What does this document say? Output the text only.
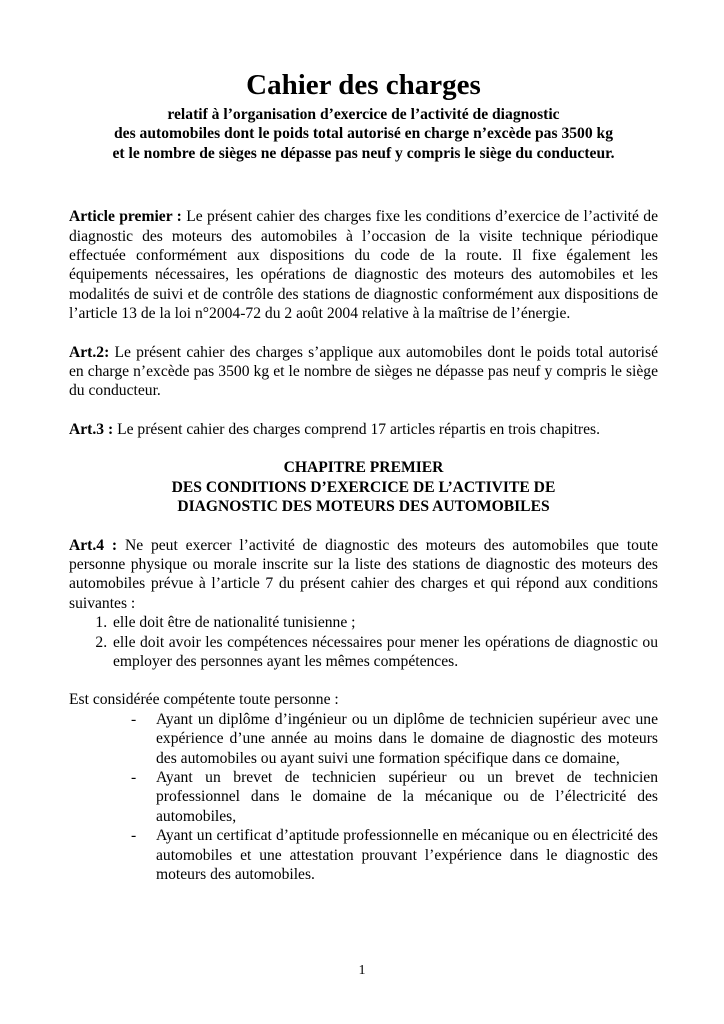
Cahier des charges
relatif à l’organisation d’exercice de l’activité de diagnostic
des automobiles dont le poids total autorisé en charge n’excède pas 3500 kg
et le nombre de sièges ne dépasse pas neuf y compris le siège du conducteur.

Article premier : Le présent cahier des charges fixe les conditions d’exercice de l’activité de diagnostic des moteurs des automobiles à l’occasion de la visite technique périodique effectuée conformément aux dispositions du code de la route. Il fixe également les équipements nécessaires, les opérations de diagnostic des moteurs des automobiles et les modalités de suivi et de contrôle des stations de diagnostic conformément aux dispositions de l’article 13 de la loi n°2004-72 du 2 août 2004 relative à la maîtrise de l’énergie.

Art.2: Le présent cahier des charges s’applique aux automobiles dont le poids total autorisé en charge n’excède pas 3500 kg et le nombre de sièges ne dépasse pas neuf y compris le siège du conducteur.

Art.3 : Le présent cahier des charges comprend 17 articles répartis en trois chapitres.

CHAPITRE PREMIER
DES CONDITIONS D’EXERCICE DE L’ACTIVITE DE
DIAGNOSTIC DES MOTEURS DES AUTOMOBILES

Art.4 : Ne peut exercer l’activité de diagnostic des moteurs des automobiles que toute personne physique ou morale inscrite sur la liste des stations de diagnostic des moteurs des automobiles prévue à l’article 7 du présent cahier des charges et qui répond aux conditions suivantes :

1. elle doit être de nationalité tunisienne ;
2. elle doit avoir les compétences nécessaires pour mener les opérations de diagnostic ou employer des personnes ayant les mêmes compétences.

Est considérée compétente toute personne :

- Ayant un diplôme d’ingénieur ou un diplôme de technicien supérieur avec une expérience d’une année au moins dans le domaine de diagnostic des moteurs des automobiles ou ayant suivi une formation spécifique dans ce domaine,
- Ayant un brevet de technicien supérieur ou un brevet de technicien professionnel dans le domaine de la mécanique ou de l’électricité des automobiles,
- Ayant un certificat d’aptitude professionnelle en mécanique ou en électricité des automobiles et une attestation prouvant l’expérience dans le diagnostic des moteurs des automobiles.
1
